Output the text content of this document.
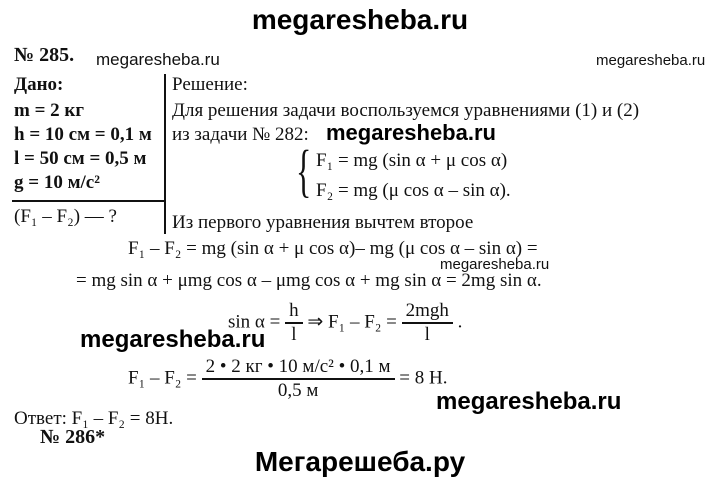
megaresheba.ru
Мегарешеба.ру
№ 285. megaresheba.ru	megaresheba.ru
Дано:
m = 2 кг
h = 10 см = 0,1 м
l = 50 см = 0,5 м
g = 10 м/с²
(F₁ – F₂) — ?
Решение:
Для решения задачи воспользуемся уравнениями (1) и (2)
из задачи № 282: megaresheba.ru
{ F₁ = mg (sin α + μ cos α)
F₂ = mg (μ cos α – sin α).
Из первого уравнения вычтем второе
F₁ – F₂ = mg (sin α + μ cos α)– mg (μ cos α – sin α) =
megaresheba.ru
= mg sin α + μmg cos α – μmg cos α + mg sin α = 2mg sin α.
$\sin \alpha = \frac{h}{l}$ ⇒ $F_1 - F_2 = \frac{\text{2mgh}}{l}$ .
megaresheba.ru
$F_1 - F_2 = \frac{\text{2 • 2 кг • 10 м/с² • 0,1 м}}{0,5 м} = 8$ Н.
megaresheba.ru
Ответ: F₁ – F₂ = 8Н.
№ 286*
